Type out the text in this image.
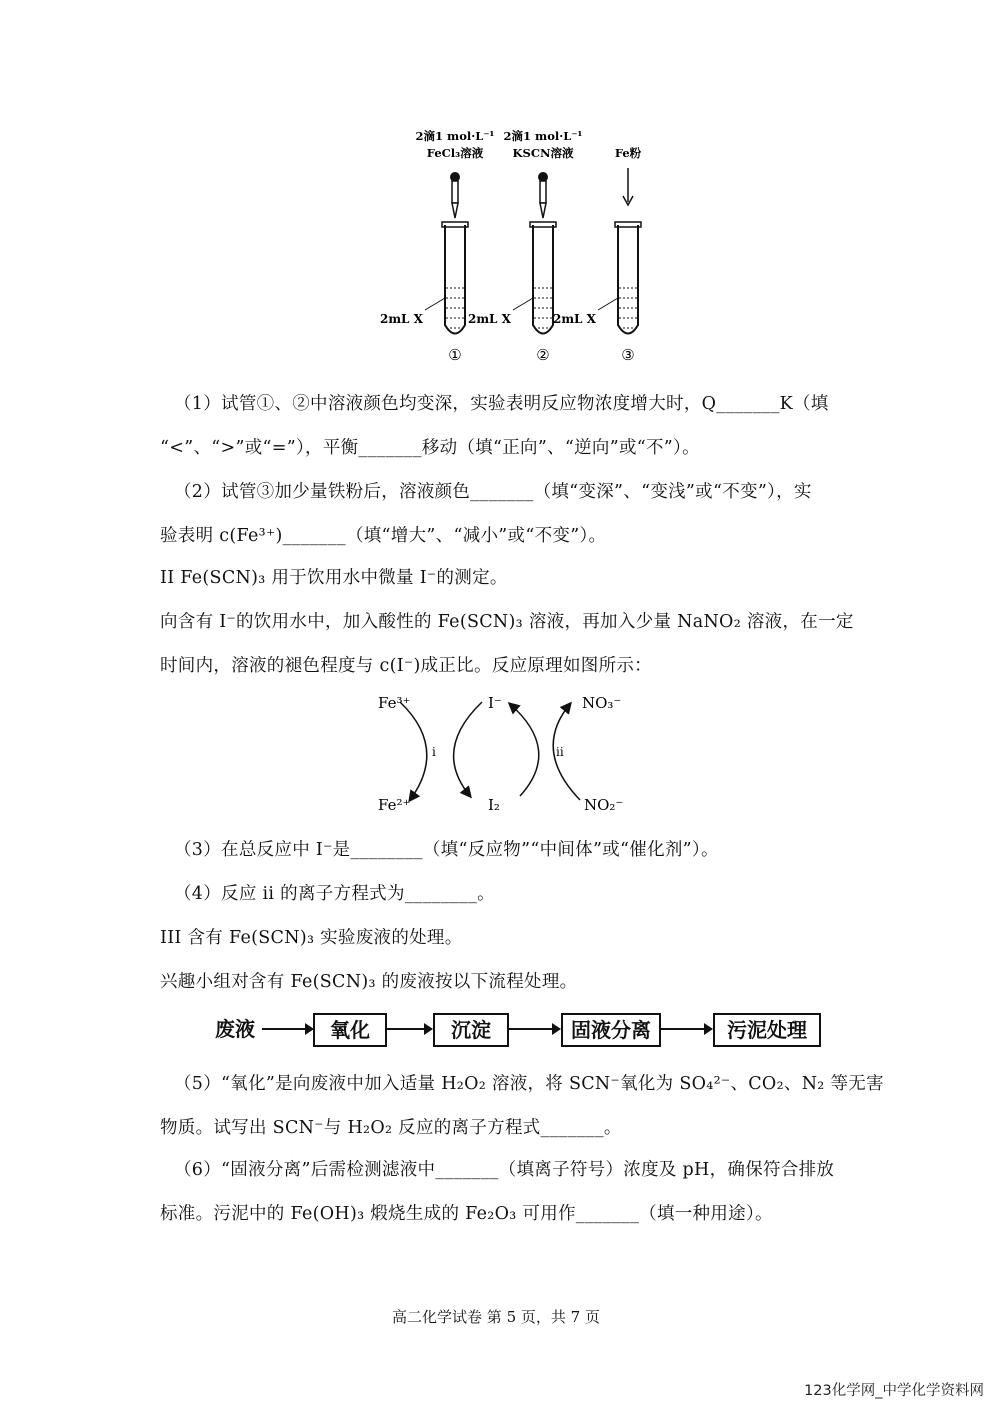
2滴1 mol·L⁻¹
FeCl₃溶液
2滴1 mol·L⁻¹
KSCN溶液	Fe粉
2mL X	2mL X	2mL X
①	②	③
（1）试管①、②中溶液颜色均变深，实验表明反应物浓度增大时，Q_______K（填
“<”、“>”或“=”），平衡_______移动（填“正向”、“逆向”或“不”）。
（2）试管③加少量铁粉后，溶液颜色_______（填“变深”、“变浅”或“不变”），实
验表明 c(Fe³⁺)_______（填“增大”、“减小”或“不变”）。
II Fe(SCN)₃ 用于饮用水中微量 I⁻的测定。
向含有 I⁻的饮用水中，加入酸性的 Fe(SCN)₃ 溶液，再加入少量 NaNO₂ 溶液，在一定
时间内，溶液的褪色程度与 c(I⁻)成正比。反应原理如图所示：
Fe³⁺
Fe²⁺
I⁻
I₂
NO₃⁻
NO₂⁻
i	ii
（3）在总反应中 I⁻是________（填“反应物”“中间体”或“催化剂”）。
（4）反应 ii 的离子方程式为________。
III 含有 Fe(SCN)₃ 实验废液的处理。
兴趣小组对含有 Fe(SCN)₃ 的废液按以下流程处理。
废液	氧化	沉淀	固液分离	污泥处理
（5）“氧化”是向废液中加入适量 H₂O₂ 溶液，将 SCN⁻氧化为 SO₄²⁻、CO₂、N₂ 等无害
物质。试写出 SCN⁻与 H₂O₂ 反应的离子方程式_______。
（6）“固液分离”后需检测滤液中_______（填离子符号）浓度及 pH，确保符合排放
标准。污泥中的 Fe(OH)₃ 煅烧生成的 Fe₂O₃ 可用作_______（填一种用途）。
高二化学试卷 第 5 页，共 7 页
123化学网_中学化学资料网
